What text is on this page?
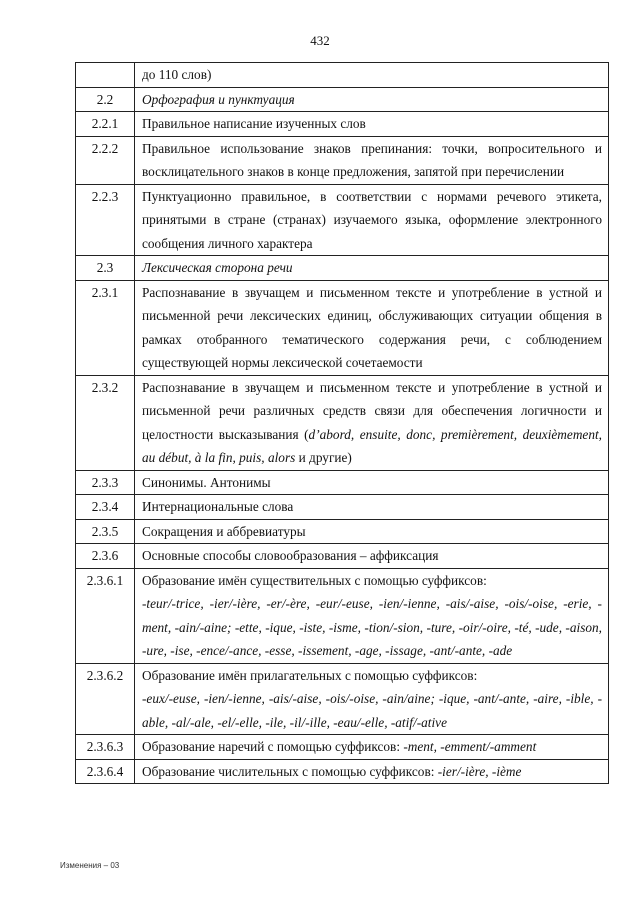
432
	до 110 слов)
2.2	Орфография и пунктуация
2.2.1	Правильное написание изученных слов
2.2.2	Правильное использование знаков препинания: точки, вопросительного и восклицательного знаков в конце предложения, запятой при перечислении
2.2.3	Пунктуационно правильное, в соответствии с нормами речевого этикета, принятыми в стране (странах) изучаемого языка, оформление электронного сообщения личного характера
2.3	Лексическая сторона речи
2.3.1	Распознавание в звучащем и письменном тексте и употребление в устной и письменной речи лексических единиц, обслуживающих ситуации общения в рамках отобранного тематического содержания речи, с соблюдением существующей нормы лексической сочетаемости
2.3.2	Распознавание в звучащем и письменном тексте и употребление в устной и письменной речи различных средств связи для обеспечения логичности и целостности высказывания (d’abord, ensuite, donc, premièrement, deuxièmement, au début, à la fin, puis, alors и другие)
2.3.3	Синонимы. Антонимы
2.3.4	Интернациональные слова
2.3.5	Сокращения и аббревиатуры
2.3.6	Основные способы словообразования – аффиксация
2.3.6.1	Образование имён существительных с помощью суффиксов:
-teur/-trice, -ier/-ière, -er/-ère, -eur/-euse, -ien/-ienne, -ais/-aise, -ois/-oise, -erie, -ment, -ain/-aine; -ette, -ique, -iste, -isme, -tion/-sion, -ture, -oir/-oire, -té, -ude, -aison, -ure, -ise, -ence/-ance, -esse, -issement, -age, -issage, -ant/-ante, -ade

2.3.6.2	Образование имён прилагательных с помощью суффиксов:
-eux/-euse, -ien/-ienne, -ais/-aise, -ois/-oise, -ain/aine; -ique, -ant/-ante, -aire, -ible, -able, -al/-ale, -el/-elle, -ile, -il/-ille, -eau/-elle, -atif/-ative

2.3.6.3	Образование наречий с помощью суффиксов: -ment, -emment/-amment
2.3.6.4	Образование числительных с помощью суффиксов: -ier/-ière, -ième
Изменения – 03
